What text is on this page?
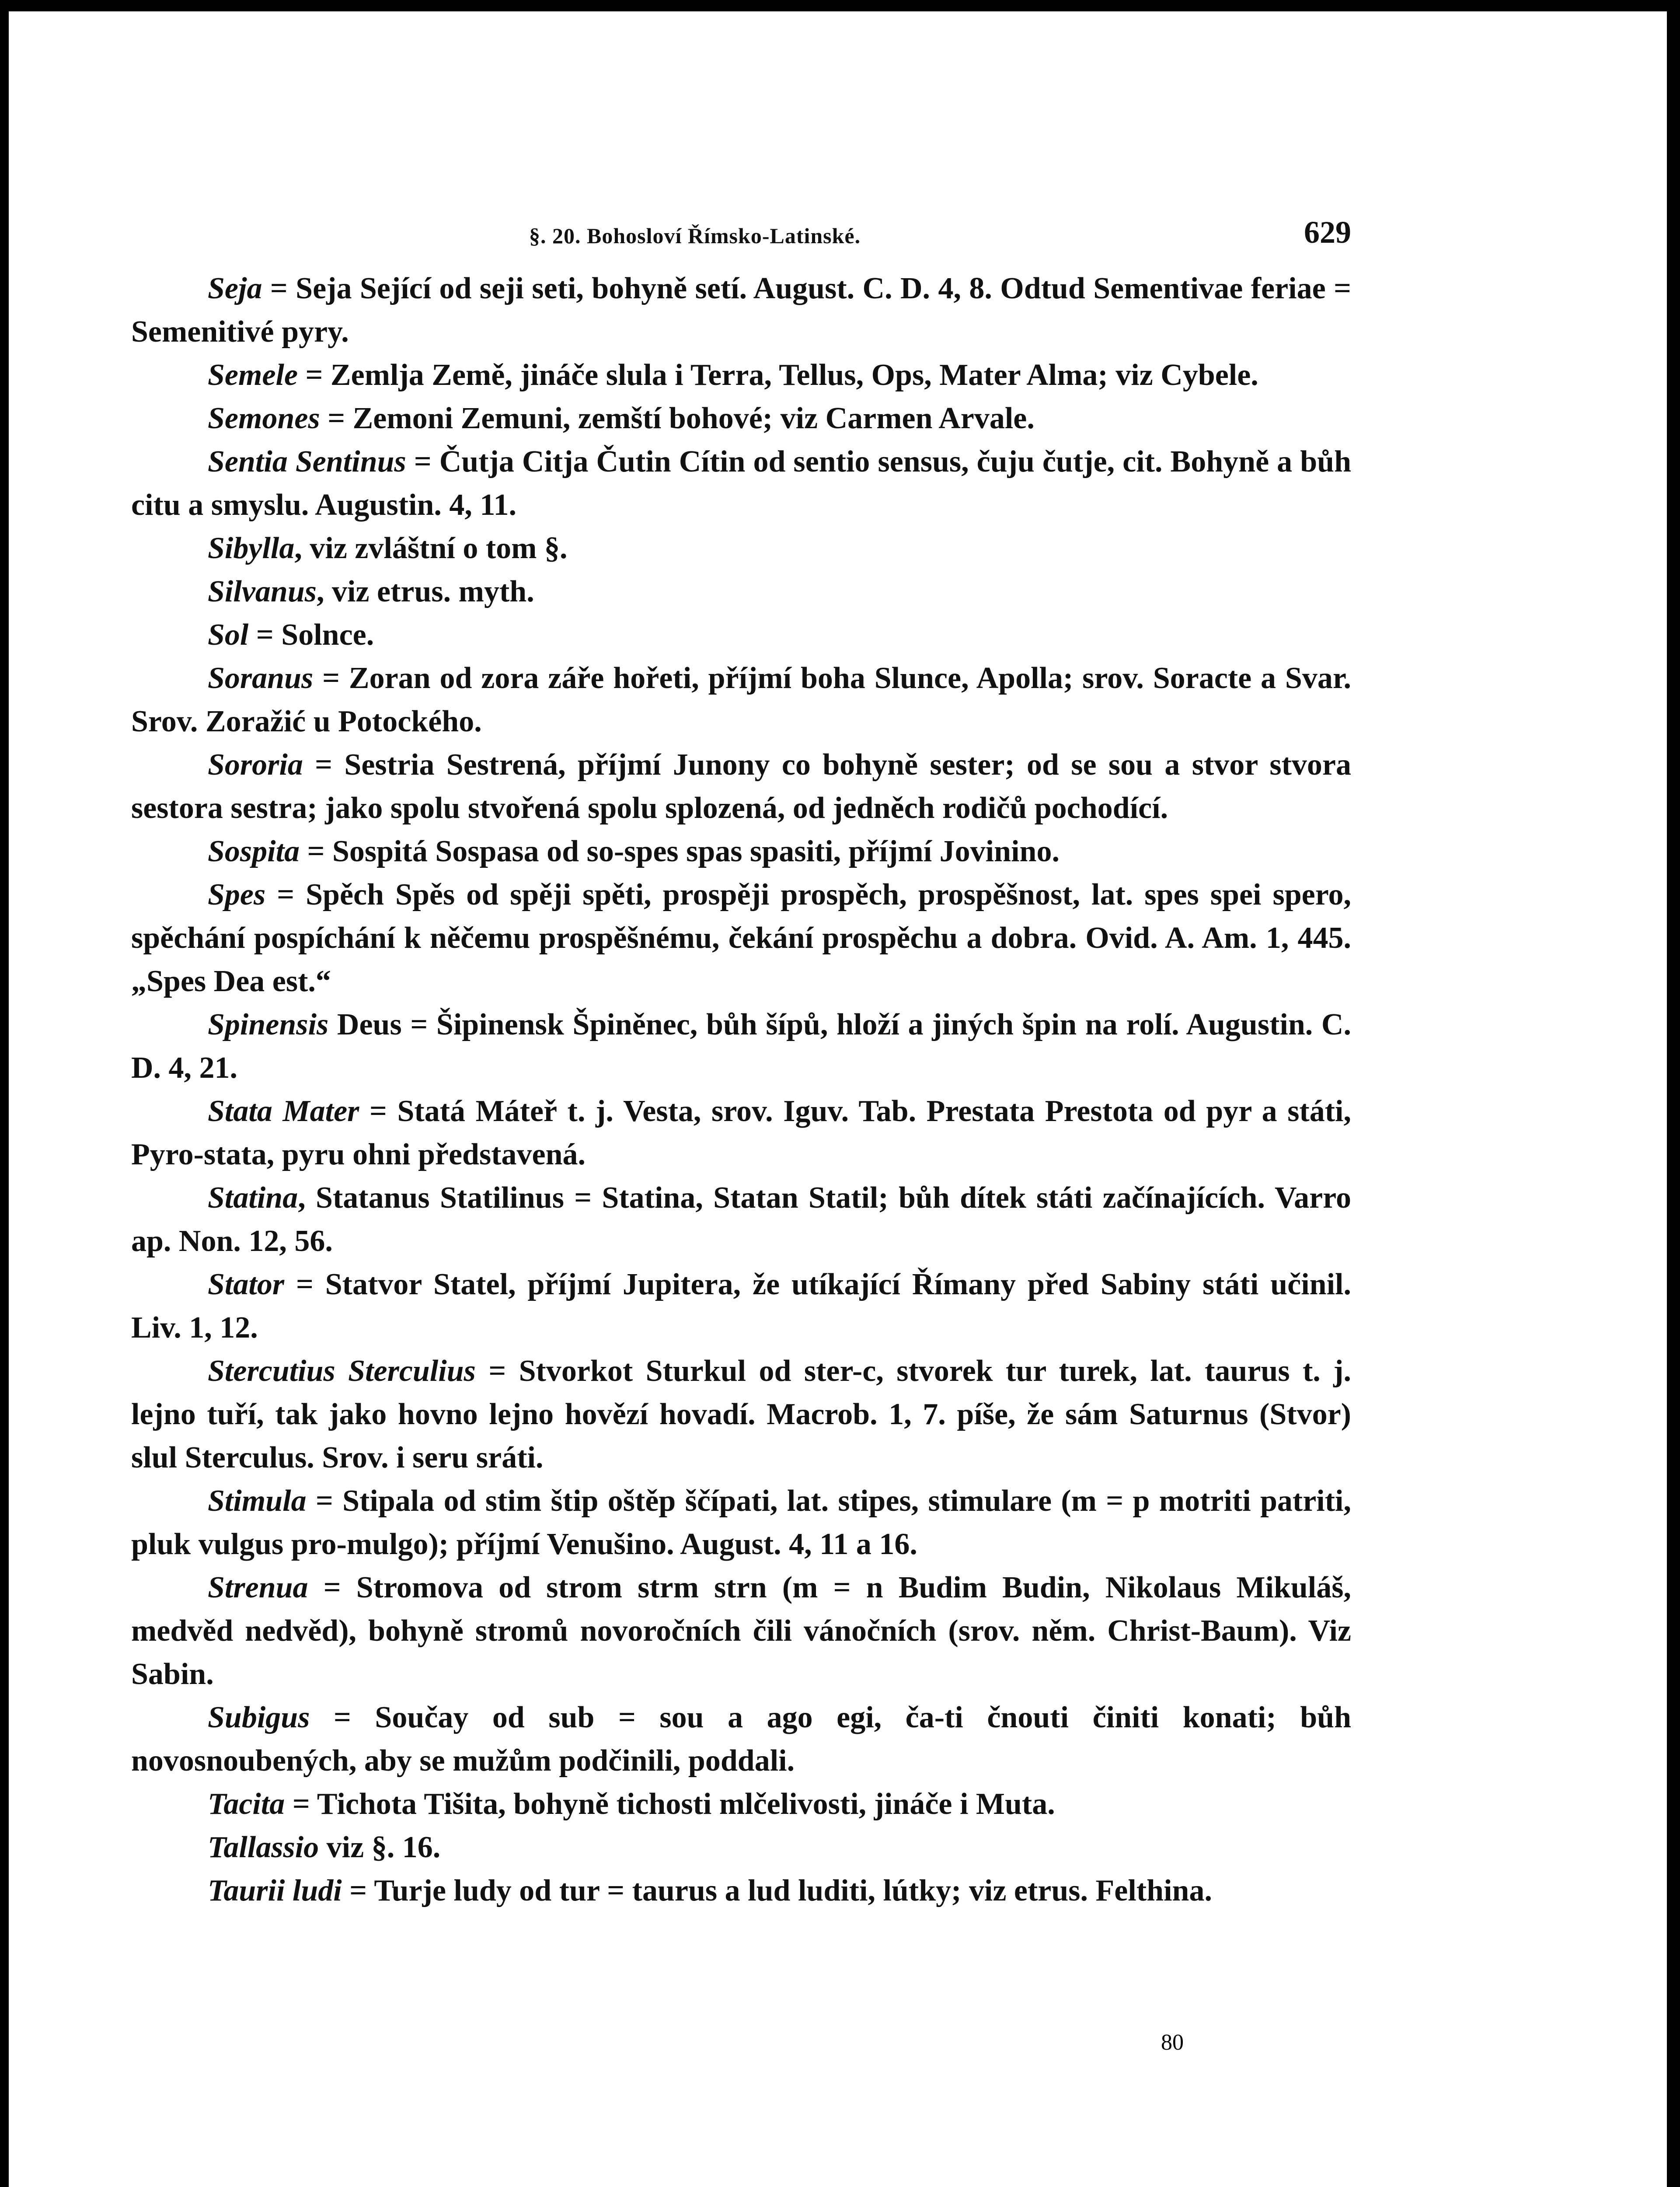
§. 20. Bohosloví Římsko-Latinské.	629

Seja = Seja Sející od seji seti, bohyně setí. August. C. D. 4, 8. Odtud Sementivae feriae = Semenitivé pyry.

Semele = Zemlja Země, jináče slula i Terra, Tellus, Ops, Mater Alma; viz Cybele.

Semones = Zemoni Zemuni, zemští bohové; viz Carmen Arvale.

Sentia Sentinus = Čutja Citja Čutin Cítin od sentio sensus, čuju čutje, cit. Bohyně a bůh citu a smyslu. Augustin. 4, 11.

Sibylla, viz zvláštní o tom §.

Silvanus, viz etrus. myth.

Sol = Solnce.

Soranus = Zoran od zora záře hořeti, příjmí boha Slunce, Apolla; srov. Soracte a Svar. Srov. Zoražić u Potockého.

Sororia = Sestria Sestrená, příjmí Junony co bohyně sester; od se sou a stvor stvora sestora sestra; jako spolu stvořená spolu splozená, od jedněch rodičů pochodící.

Sospita = Sospitá Sospasa od so-spes spas spasiti, příjmí Jovinino.

Spes = Spěch Spěs od spěji spěti, prospěji prospěch, prospěšnost, lat. spes spei spero, spěchání pospíchání k něčemu prospěšnému, čekání prospěchu a dobra. Ovid. A. Am. 1, 445. „Spes Dea est.“

Spinensis Deus = Šipinensk Špiněnec, bůh šípů, hloží a jiných špin na rolí. Augustin. C. D. 4, 21.

Stata Mater = Statá Máteř t. j. Vesta, srov. Iguv. Tab. Prestata Prestota od pyr a státi, Pyro-stata, pyru ohni představená.

Statina, Statanus Statilinus = Statina, Statan Statil; bůh dítek státi začínajících. Varro ap. Non. 12, 56.

Stator = Statvor Statel, příjmí Jupitera, že utíkající Římany před Sabiny státi učinil. Liv. 1, 12.

Stercutius Sterculius = Stvorkot Sturkul od ster-c, stvorek tur turek, lat. taurus t. j. lejno tuří, tak jako hovno lejno hovězí hovadí. Macrob. 1, 7. píše, že sám Saturnus (Stvor) slul Sterculus. Srov. i seru sráti.

Stimula = Stipala od stim štip oštěp ščípati, lat. stipes, stimulare (m = p motriti patriti, pluk vulgus pro-mulgo); příjmí Venušino. August. 4, 11 a 16.

Strenua = Stromova od strom strm strn (m = n Budim Budin, Nikolaus Mikuláš, medvěd nedvěd), bohyně stromů novoročních čili vánočních (srov. něm. Christ-Baum). Viz Sabin.

Subigus = Součay od sub = sou a ago egi, ča-ti čnouti činiti konati; bůh novosnoubených, aby se mužům podčinili, poddali.

Tacita = Tichota Tišita, bohyně tichosti mlčelivosti, jináče i Muta.

Tallassio viz §. 16.

Taurii ludi = Turje ludy od tur = taurus a lud luditi, lútky; viz etrus. Felthina.

80
